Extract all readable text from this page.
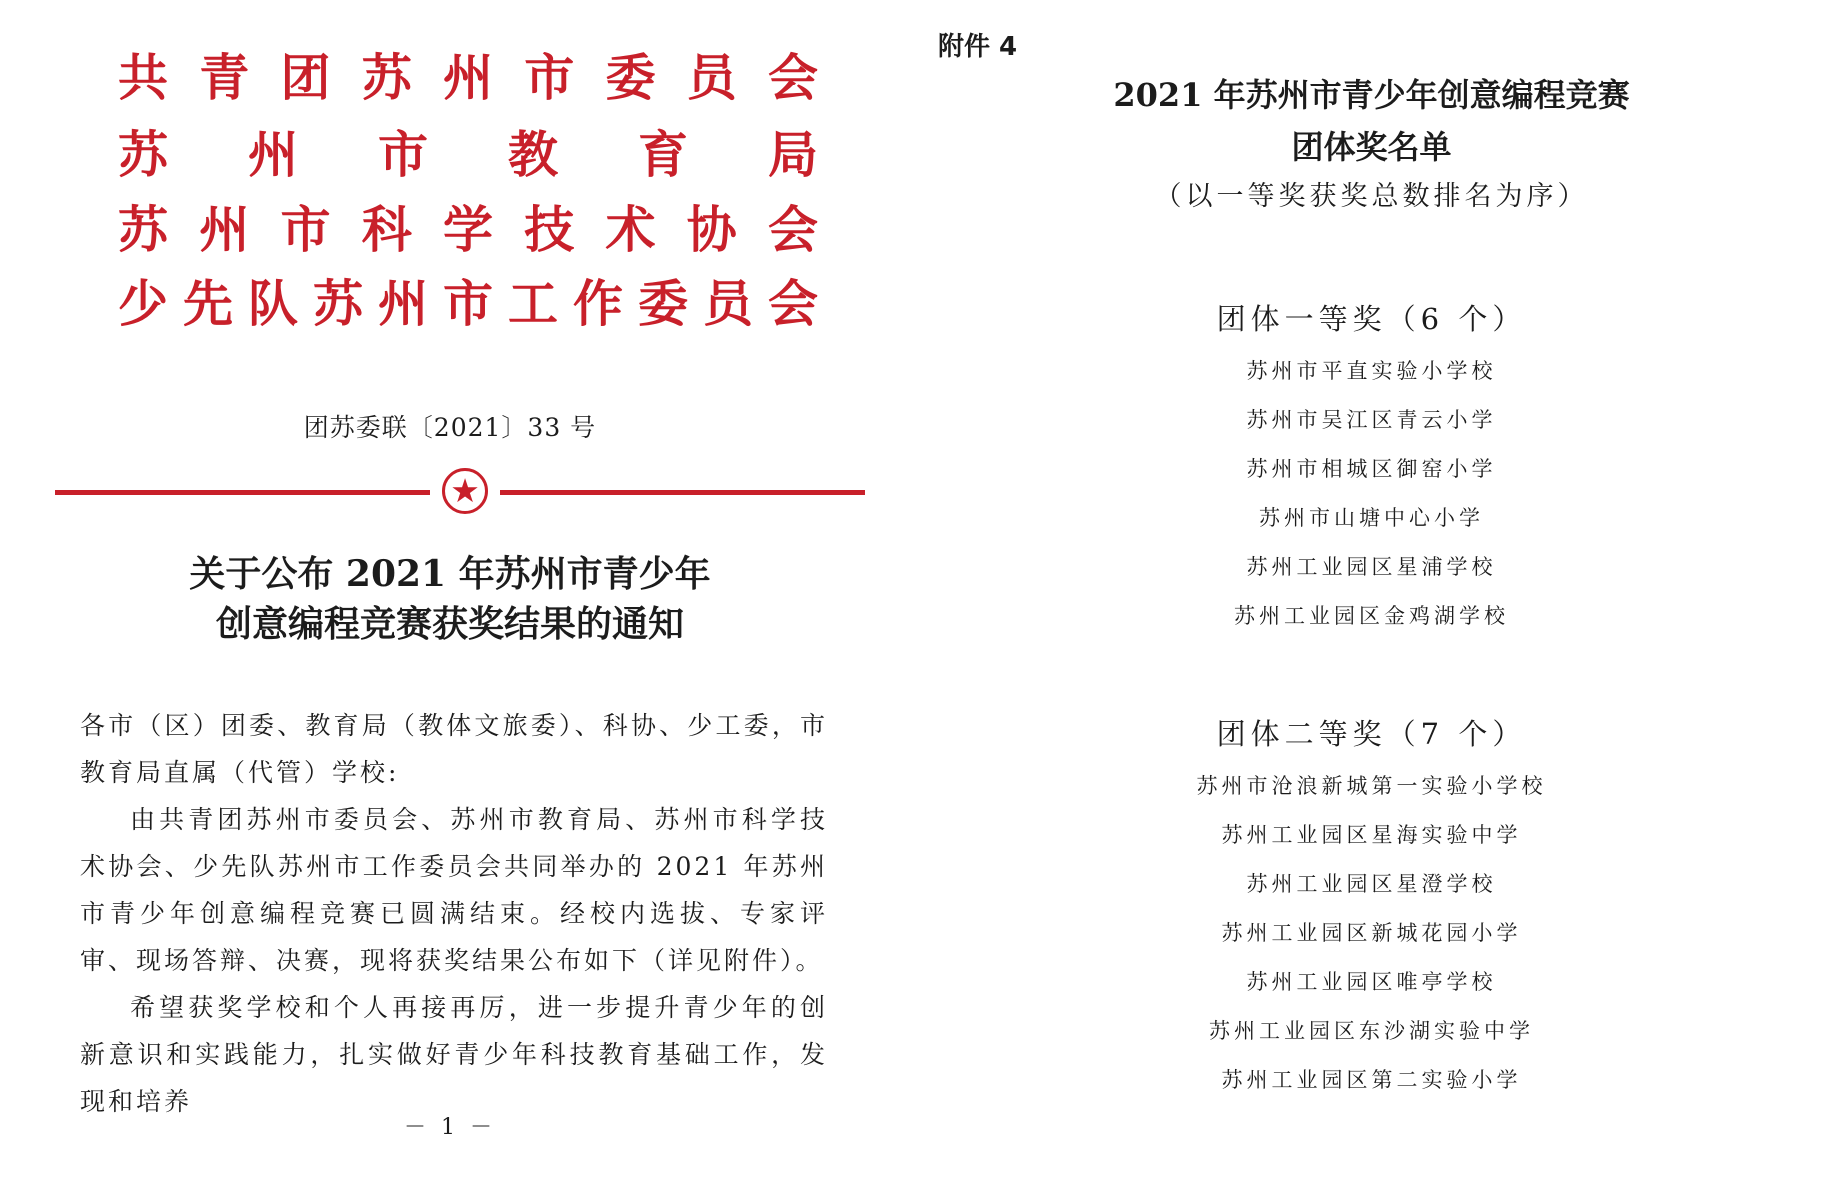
共 青 团 苏 州 市 委 员 会
苏 州 市 教 育 局
苏 州 市 科 学 技 术 协 会
少 先 队 苏 州 市 工 作 委 员 会
团苏委联〔2021〕33 号
★
关于公布 2021 年苏州市青少年
创意编程竞赛获奖结果的通知

各市（区）团委、教育局（教体文旅委）、科协、少工委，市教育局直属（代管）学校:

由共青团苏州市委员会、苏州市教育局、苏州市科学技术协会、少先队苏州市工作委员会共同举办的 2021 年苏州市青少年创意编程竞赛已圆满结束。经校内选拔、专家评审、现场答辩、决赛，现将获奖结果公布如下（详见附件）。

希望获奖学校和个人再接再厉，进一步提升青少年的创新意识和实践能力，扎实做好青少年科技教育基础工作，发现和培养

－ 1 －
附件 4
2021 年苏州市青少年创意编程竞赛
团体奖名单
（以一等奖获奖总数排名为序）
团体一等奖（6 个）
苏州市平直实验小学校
苏州市吴江区青云小学
苏州市相城区御窑小学
苏州市山塘中心小学
苏州工业园区星浦学校
苏州工业园区金鸡湖学校
团体二等奖（7 个）
苏州市沧浪新城第一实验小学校
苏州工业园区星海实验中学
苏州工业园区星澄学校
苏州工业园区新城花园小学
苏州工业园区唯亭学校
苏州工业园区东沙湖实验中学
苏州工业园区第二实验小学
